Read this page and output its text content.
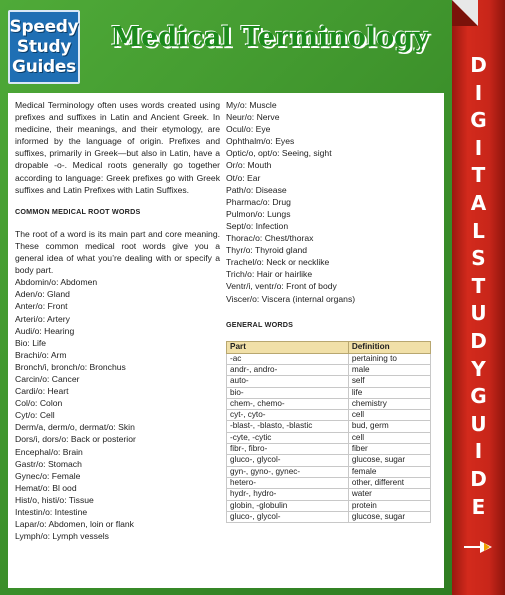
Speedy
Study
Guides
Medical Terminology

Medical Terminology often uses words created using prefixes and suffixes in Latin and Ancient Greek. In medicine, their meanings, and their etymology, are informed by the language of origin. Prefixes and suffixes, primarily in Greek—but also in Latin, have a dropable -o-. Medical roots generally go together according to language: Greek prefixes go with Greek suffixes and Latin Prefixes with Latin Suffixes.

COMMON MEDICAL ROOT WORDS

The root of a word is its main part and core meaning. These common medical root words give you a general idea of what you’re dealing with or specify a body part.

Abdomin/o: Abdomen

Aden/o: Gland

Anter/o: Front

Arteri/o: Artery

Audi/o: Hearing

Bio: Life

Brachi/o: Arm

Bronch/i, bronch/o: Bronchus

Carcin/o: Cancer

Cardi/o: Heart

Col/o: Colon

Cyt/o: Cell

Derm/a, derm/o, dermat/o: Skin

Dors/i, dors/o: Back or posterior

Encephal/o: Brain

Gastr/o: Stomach

Gynec/o: Female

Hemat/o: Bl ood

Hist/o, histi/o: Tissue

Intestin/o: Intestine

Lapar/o: Abdomen, loin or flank

Lymph/o: Lymph vessels

My/o: Muscle

Neur/o: Nerve

Ocul/o: Eye

Ophthalm/o: Eyes

Optic/o, opt/o: Seeing, sight

Or/o: Mouth

Ot/o: Ear

Path/o: Disease

Pharmac/o: Drug

Pulmon/o: Lungs

Sept/o: Infection

Thorac/o: Chest/thorax

Thyr/o: Thyroid gland

Trachel/o: Neck or necklike

Trich/o: Hair or hairlike

Ventr/i, ventr/o: Front of body

Viscer/o: Viscera (internal organs)

GENERAL WORDS
Part	Definition
-ac	pertaining to
andr-, andro-	male
auto-	self
bio-	life
chem-, chemo-	chemistry
cyt-, cyto-	cell
-blast-, -blasto, -blastic	bud, germ
-cyte, -cytic	cell
fibr-, fibro-	fiber
gluco-, glycol-	glucose, sugar
gyn-, gyno-, gynec-	female
hetero-	other, different
hydr-, hydro-	water
globin, -globulin	protein
gluco-, glycol-	glucose, sugar
D
I
G
I
T
A
L
S
T
U
D
Y
G
U
I
D
E
